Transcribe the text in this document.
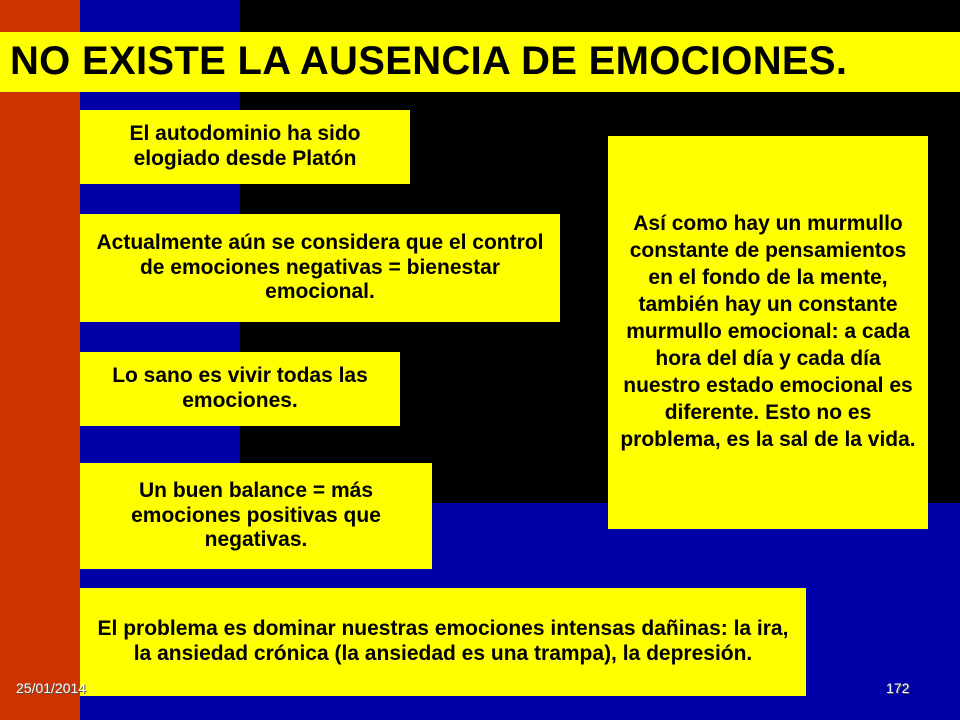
NO EXISTE LA AUSENCIA DE EMOCIONES.
El autodominio ha sido elogiado desde Platón
Actualmente aún se considera que el control de emociones negativas = bienestar emocional.
Lo sano es vivir todas las emociones.
Un buen balance = más emociones positivas que negativas.
El problema es dominar nuestras emociones intensas dañinas: la ira, la ansiedad crónica (la ansiedad es una trampa), la depresión.
Así como hay un murmullo constante de pensamientos en el fondo de la mente, también hay un constante murmullo emocional: a cada hora del día y cada día nuestro estado emocional es diferente. Esto no es problema, es la sal de la vida.
25/01/2014	172
